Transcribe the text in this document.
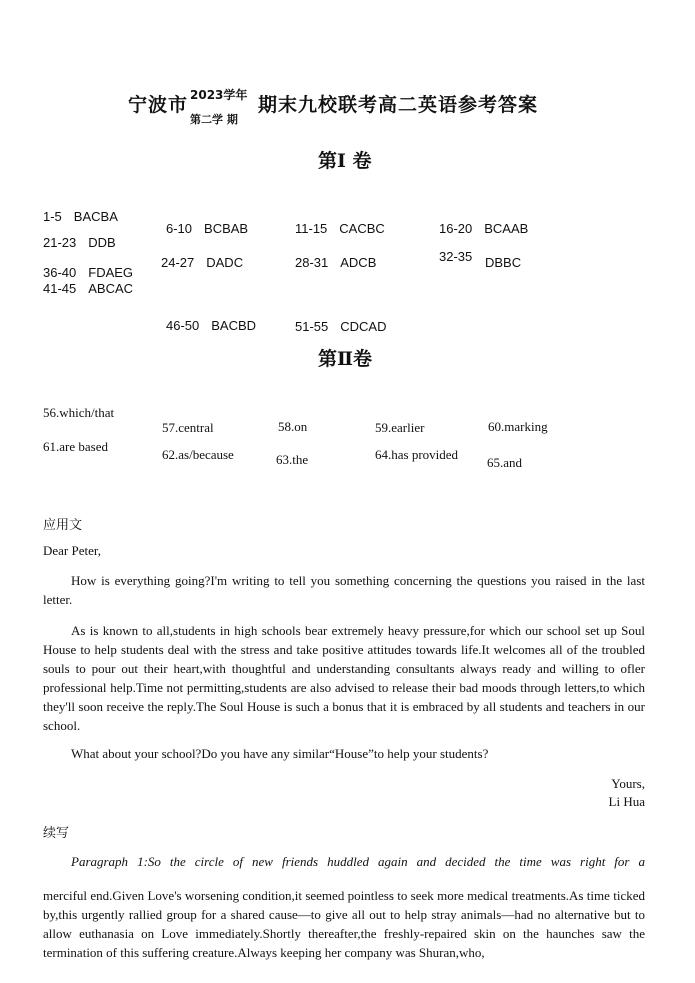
宁波市 2023学年
第二学 期
期末九校联考高二英语参考答案
第I 卷
1-5 BACBA
6-10 BCBAB	11-15 CACBC	16-20 BCAAB
21-23 DDB
24-27 DADC	28-31 ADCB	32-35 DBBC
36-40 FDAEG
41-45 ABCAC
46-50 BACBD	51-55 CDCAD
第Ⅱ卷
56.which/that
57.central	58.on	59.earlier	60.marking
61.are based
62.as/because	63.the	64.has provided
65.and
应用文
Dear Peter,
How is everything going?I'm writing to tell you something concerning the questions you raised in the last letter.
As is known to all,students in high schools bear extremely heavy pressure,for which our school set up Soul House to help students deal with the stress and take positive attitudes towards life.It welcomes all of the troubled souls to pour out their heart,with thoughtful and understanding consultants always ready and willing to ofler professional help.Time not permitting,students are also advised to release their bad moods through letters,to which they'll soon receive the reply.The Soul House is such a bonus that it is embraced by all students and teachers in our school.
What about your school?Do you have any similar“House”to help your students?
Yours,
Li Hua
续写
Paragraph 1:So the circle of new friends huddled again and decided the time was right for a
merciful end.Given Love's worsening condition,it seemed pointless to seek more medical treatments.As time ticked by,this urgently rallied group for a shared cause—to give all out to help stray animals—had no alternative but to allow euthanasia on Love immediately.Shortly thereafter,the freshly-repaired skin on the haunches saw the termination of this suffering creature.Always keeping her company was Shuran,who,
